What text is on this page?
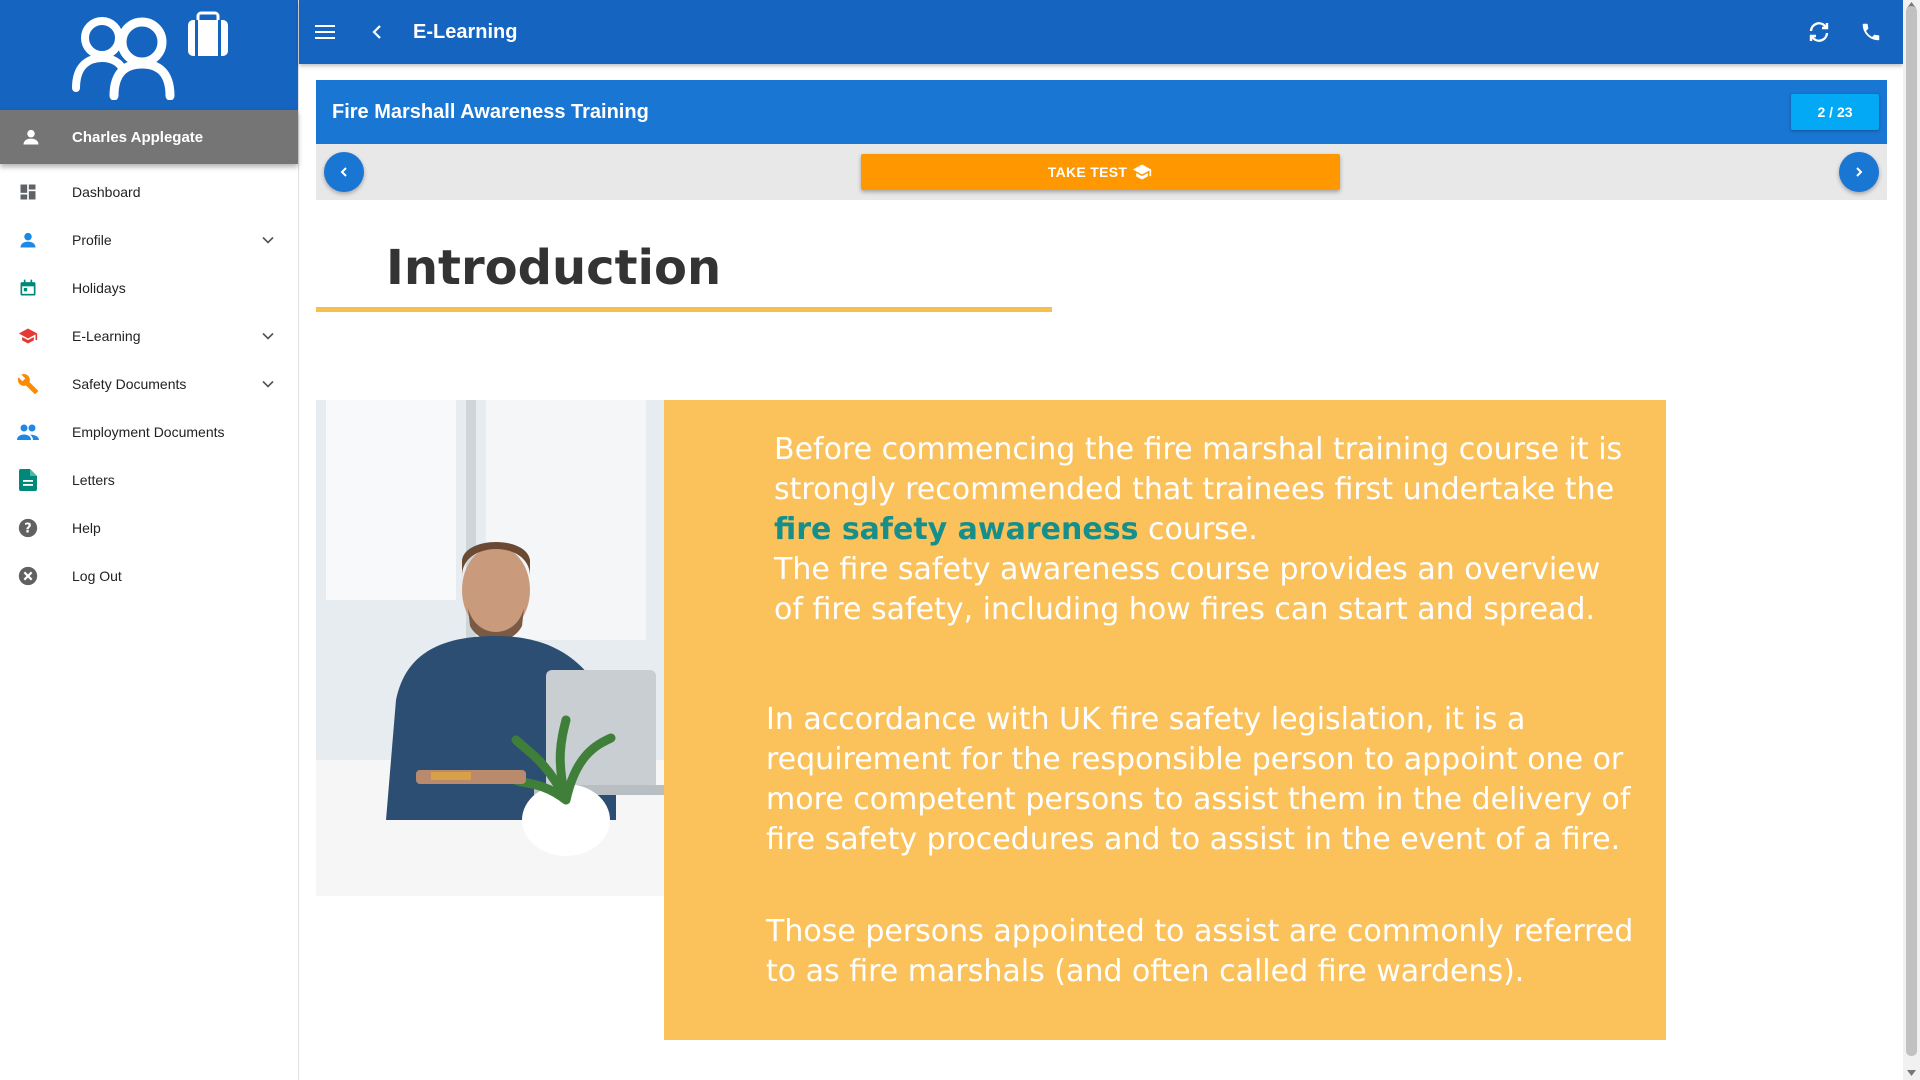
Charles Applegate
Dashboard
Profile
Holidays
E-Learning
Safety Documents
Employment Documents
Letters
?	Help
Log Out
E-Learning
Fire Marshall Awareness Training	2 / 23
TAKE TEST
Introduction
Before commencing the fire marshal training course it is strongly recommended that trainees first undertake the fire safety awareness course.
The fire safety awareness course provides an overview of fire safety, including how fires can start and spread.
In accordance with UK fire safety legislation, it is a requirement for the responsible person to appoint one or more competent persons to assist them in the delivery of fire safety procedures and to assist in the event of a fire.
Those persons appointed to assist are commonly referred to as fire marshals (and often called fire wardens).
